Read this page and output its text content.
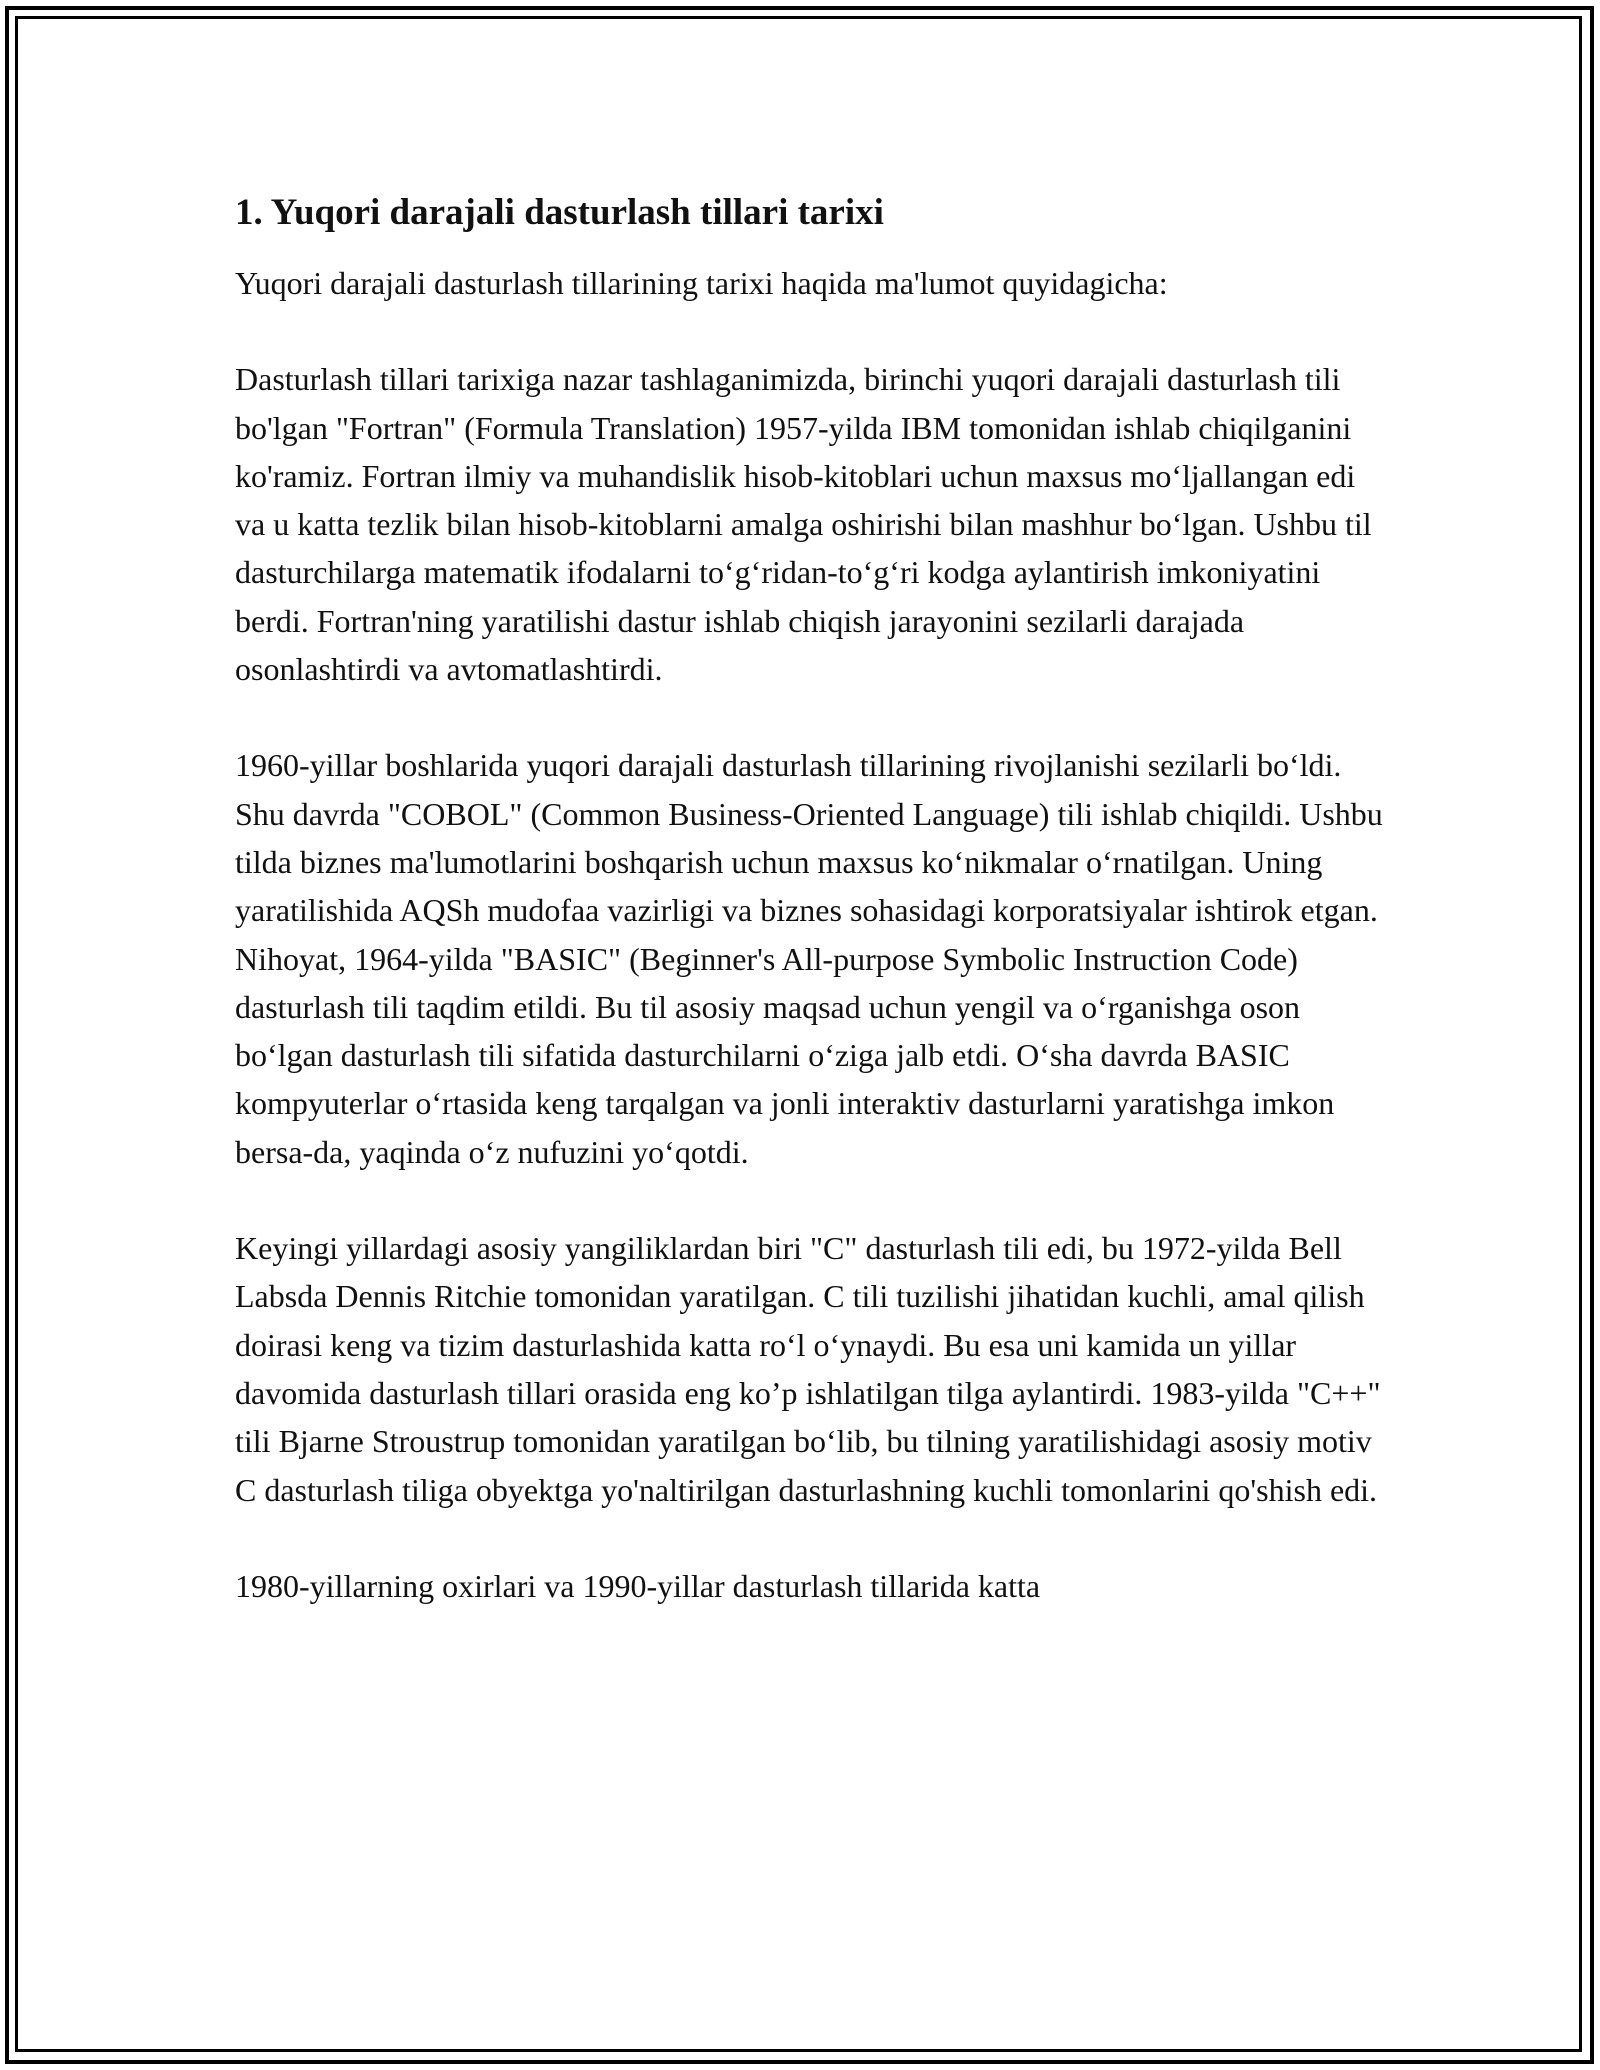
1. Yuqori darajali dasturlash tillari tarixi

Yuqori darajali dasturlash tillarining tarixi haqida ma'lumot quyidagicha:

Dasturlash tillari tarixiga nazar tashlaganimizda, birinchi yuqori darajali dasturlash tili bo'lgan "Fortran" (Formula Translation) 1957-yilda IBM tomonidan ishlab chiqilganini ko'ramiz. Fortran ilmiy va muhandislik hisob-kitoblari uchun maxsus mo‘ljallangan edi va u katta tezlik bilan hisob-kitoblarni amalga oshirishi bilan mashhur bo‘lgan. Ushbu til dasturchilarga matematik ifodalarni to‘g‘ridan-to‘g‘ri kodga aylantirish imkoniyatini berdi. Fortran'ning yaratilishi dastur ishlab chiqish jarayonini sezilarli darajada osonlashtirdi va avtomatlashtirdi.

1960-yillar boshlarida yuqori darajali dasturlash tillarining rivojlanishi sezilarli bo‘ldi. Shu davrda "COBOL" (Common Business-Oriented Language) tili ishlab chiqildi. Ushbu tilda biznes ma'lumotlarini boshqarish uchun maxsus ko‘nikmalar o‘rnatilgan. Uning yaratilishida AQSh mudofaa vazirligi va biznes sohasidagi korporatsiyalar ishtirok etgan. Nihoyat, 1964-yilda "BASIC" (Beginner's All-purpose Symbolic Instruction Code) dasturlash tili taqdim etildi. Bu til asosiy maqsad uchun yengil va o‘rganishga oson bo‘lgan dasturlash tili sifatida dasturchilarni o‘ziga jalb etdi. O‘sha davrda BASIC kompyuterlar o‘rtasida keng tarqalgan va jonli interaktiv dasturlarni yaratishga imkon bersa-da, yaqinda o‘z nufuzini yo‘qotdi.

Keyingi yillardagi asosiy yangiliklardan biri "C" dasturlash tili edi, bu 1972-yilda Bell Labsda Dennis Ritchie tomonidan yaratilgan. C tili tuzilishi jihatidan kuchli, amal qilish doirasi keng va tizim dasturlashida katta ro‘l o‘ynaydi. Bu esa uni kamida un yillar davomida dasturlash tillari orasida eng ko’p ishlatilgan tilga aylantirdi. 1983-yilda "C++" tili Bjarne Stroustrup tomonidan yaratilgan bo‘lib, bu tilning yaratilishidagi asosiy motiv C dasturlash tiliga obyektga yo'naltirilgan dasturlashning kuchli tomonlarini qo'shish edi.

1980-yillarning oxirlari va 1990-yillar dasturlash tillarida katta
